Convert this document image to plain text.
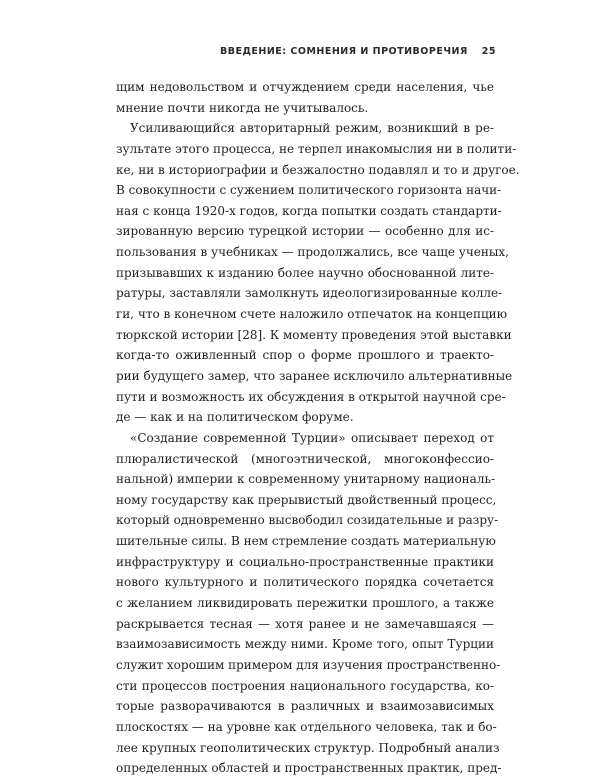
ВВЕДЕНИЕ: СОМНЕНИЯ И ПРОТИВОРЕЧИЯ 25
щим недовольством и отчуждением среди населения, чье
мнение почти никогда не учитывалось.
Усиливающийся авторитарный режим, возникший в ре-
зультате этого процесса, не терпел инакомыслия ни в полити-
ке, ни в историографии и безжалостно подавлял и то и другое.
В совокупности с сужением политического горизонта начи-
ная с конца 1920-х годов, когда попытки создать стандарти-
зированную версию турецкой истории — особенно для ис-
пользования в учебниках — продолжались, все чаще ученых,
призывавших к изданию более научно обоснованной лите-
ратуры, заставляли замолкнуть идеологизированные колле-
ги, что в конечном счете наложило отпечаток на концепцию
тюркской истории [28]. К моменту проведения этой выставки
когда-то оживленный спор о форме прошлого и траекто-
рии будущего замер, что заранее исключило альтернативные
пути и возможность их обсуждения в открытой научной сре-
де — как и на политическом форуме.
«Создание современной Турции» описывает переход от
плюралистической (многоэтнической, многоконфессио-
нальной) империи к современному унитарному националь-
ному государству как прерывистый двойственный процесс,
который одновременно высвободил созидательные и разру-
шительные силы. В нем стремление создать материальную
инфраструктуру и социально-пространственные практики
нового культурного и политического порядка сочетается
с желанием ликвидировать пережитки прошлого, а также
раскрывается тесная — хотя ранее и не замечавшаяся —
взаимозависимость между ними. Кроме того, опыт Турции
служит хорошим примером для изучения пространственно-
сти процессов построения национального государства, ко-
торые разворачиваются в различных и взаимозависимых
плоскостях — на уровне как отдельного человека, так и бо-
лее крупных геополитических структур. Подробный анализ
определенных областей и пространственных практик, пред-
